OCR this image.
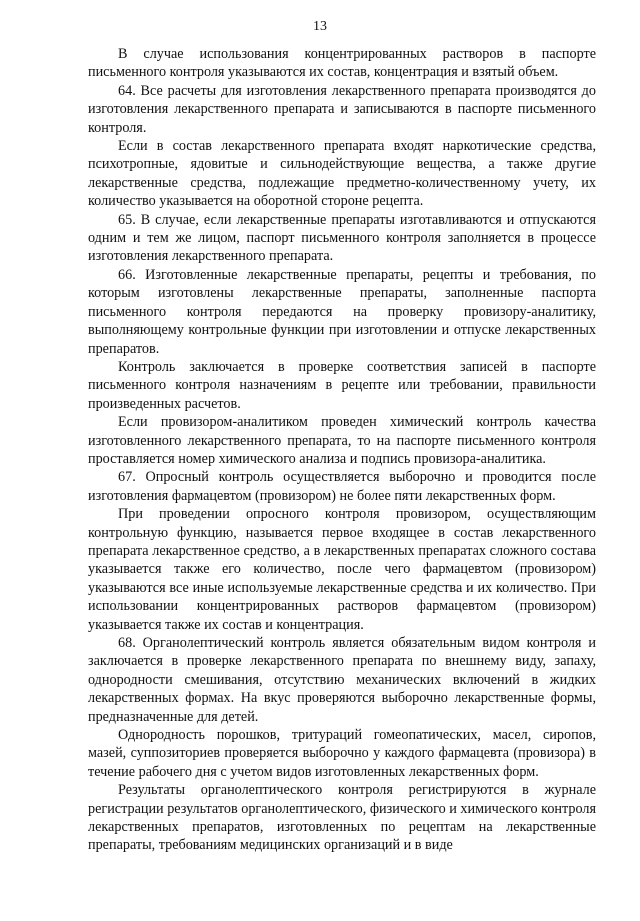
13

В случае использования концентрированных растворов в паспорте письменного контроля указываются их состав, концентрация и взятый объем.

64. Все расчеты для изготовления лекарственного препарата производятся до изготовления лекарственного препарата и записываются в паспорте письменного контроля.

Если в состав лекарственного препарата входят наркотические средства, психотропные, ядовитые и сильнодействующие вещества, а также другие лекарственные средства, подлежащие предметно-количественному учету, их количество указывается на оборотной стороне рецепта.

65. В случае, если лекарственные препараты изготавливаются и отпускаются одним и тем же лицом, паспорт письменного контроля заполняется в процессе изготовления лекарственного препарата.

66. Изготовленные лекарственные препараты, рецепты и требования, по которым изготовлены лекарственные препараты, заполненные паспорта письменного контроля передаются на проверку провизору-аналитику, выполняющему контрольные функции при изготовлении и отпуске лекарственных препаратов.

Контроль заключается в проверке соответствия записей в паспорте письменного контроля назначениям в рецепте или требовании, правильности произведенных расчетов.

Если провизором-аналитиком проведен химический контроль качества изготовленного лекарственного препарата, то на паспорте письменного контроля проставляется номер химического анализа и подпись провизора-аналитика.

67. Опросный контроль осуществляется выборочно и проводится после изготовления фармацевтом (провизором) не более пяти лекарственных форм.

При проведении опросного контроля провизором, осуществляющим контрольную функцию, называется первое входящее в состав лекарственного препарата лекарственное средство, а в лекарственных препаратах сложного состава указывается также его количество, после чего фармацевтом (провизором) указываются все иные используемые лекарственные средства и их количество. При использовании концентрированных растворов фармацевтом (провизором) указывается также их состав и концентрация.

68. Органолептический контроль является обязательным видом контроля и заключается в проверке лекарственного препарата по внешнему виду, запаху, однородности смешивания, отсутствию механических включений в жидких лекарственных формах. На вкус проверяются выборочно лекарственные формы, предназначенные для детей.

Однородность порошков, тритураций гомеопатических, масел, сиропов, мазей, суппозиториев проверяется выборочно у каждого фармацевта (провизора) в течение рабочего дня с учетом видов изготовленных лекарственных форм.

Результаты органолептического контроля регистрируются в журнале регистрации результатов органолептического, физического и химического контроля лекарственных препаратов, изготовленных по рецептам на лекарственные препараты, требованиям медицинских организаций и в виде
